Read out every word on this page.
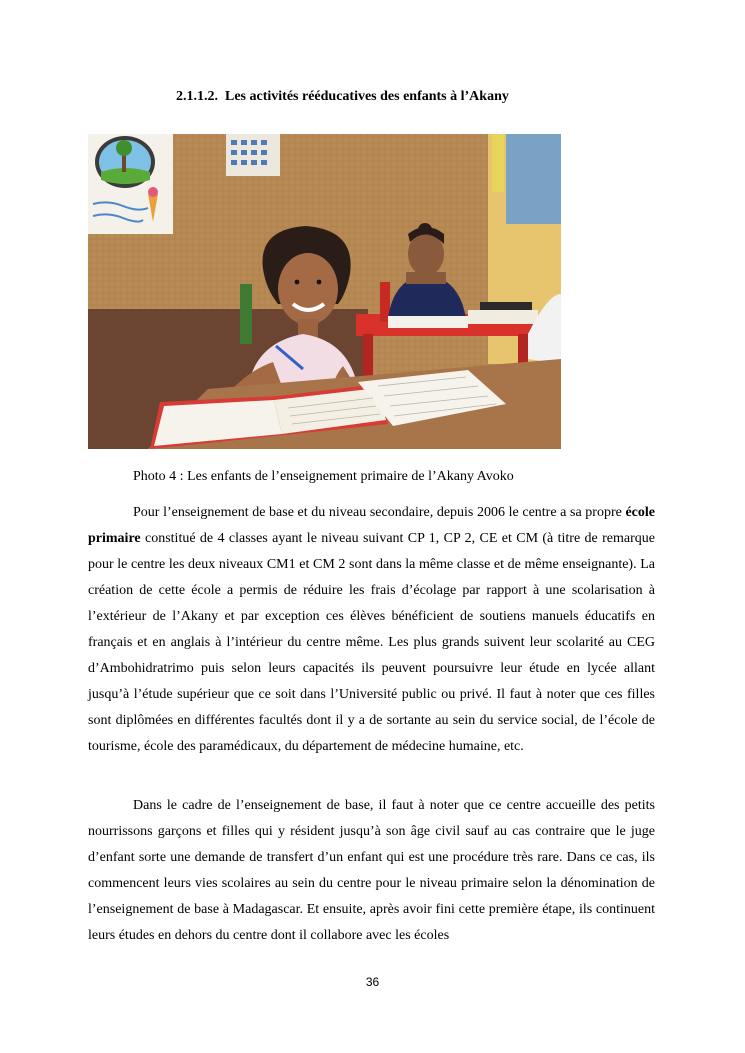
2.1.1.2. Les activités rééducatives des enfants à l’Akany
Photo 4 : Les enfants de l’enseignement primaire de l’Akany Avoko

Pour l’enseignement de base et du niveau secondaire, depuis 2006 le centre a sa propre école primaire constitué de 4 classes ayant le niveau suivant CP 1, CP 2, CE et CM (à titre de remarque pour le centre les deux niveaux CM1 et CM 2 sont dans la même classe et de même enseignante). La création de cette école a permis de réduire les frais d’écolage par rapport à une scolarisation à l’extérieur de l’Akany et par exception ces élèves bénéficient de soutiens manuels éducatifs en français et en anglais à l’intérieur du centre même. Les plus grands suivent leur scolarité au CEG d’Ambohidratrimo puis selon leurs capacités ils peuvent poursuivre leur étude en lycée allant jusqu’à l’étude supérieur que ce soit dans l’Université public ou privé. Il faut à noter que ces filles sont diplômées en différentes facultés dont il y a de sortante au sein du service social, de l’école de tourisme, école des paramédicaux, du département de médecine humaine, etc.

Dans le cadre de l’enseignement de base, il faut à noter que ce centre accueille des petits nourrissons garçons et filles qui y résident jusqu’à son âge civil sauf au cas contraire que le juge d’enfant sorte une demande de transfert d’un enfant qui est une procédure très rare. Dans ce cas, ils commencent leurs vies scolaires au sein du centre pour le niveau primaire selon la dénomination de l’enseignement de base à Madagascar. Et ensuite, après avoir fini cette première étape, ils continuent leurs études en dehors du centre dont il collabore avec les écoles

36
